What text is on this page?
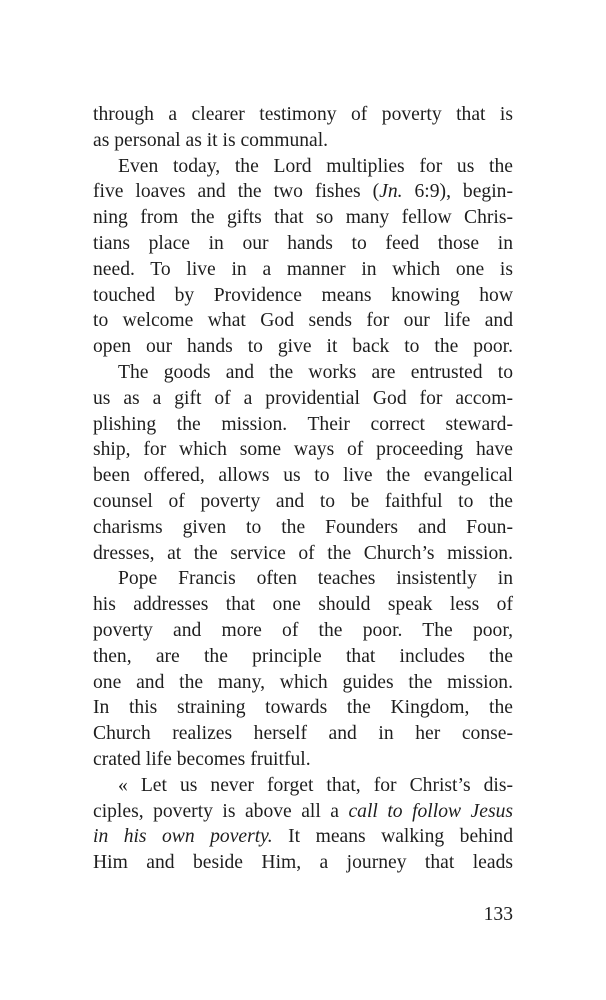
through a clearer testimony of poverty that is
as personal as it is communal.
Even today, the Lord multiplies for us the
five loaves and the two fishes (Jn. 6:9), begin-
ning from the gifts that so many fellow Chris-
tians place in our hands to feed those in
need. To live in a manner in which one is
touched by Providence means knowing how
to welcome what God sends for our life and
open our hands to give it back to the poor.
The goods and the works are entrusted to
us as a gift of a providential God for accom-
plishing the mission. Their correct steward-
ship, for which some ways of proceeding have
been offered, allows us to live the evangelical
counsel of poverty and to be faithful to the
charisms given to the Founders and Foun-
dresses, at the service of the Church’s mission.
Pope Francis often teaches insistently in
his addresses that one should speak less of
poverty and more of the poor. The poor,
then, are the principle that includes the
one and the many, which guides the mission.
In this straining towards the Kingdom, the
Church realizes herself and in her conse-
crated life becomes fruitful.
« Let us never forget that, for Christ’s dis-
ciples, poverty is above all a call to follow Jesus
in his own poverty. It means walking behind
Him and beside Him, a journey that leads
133
